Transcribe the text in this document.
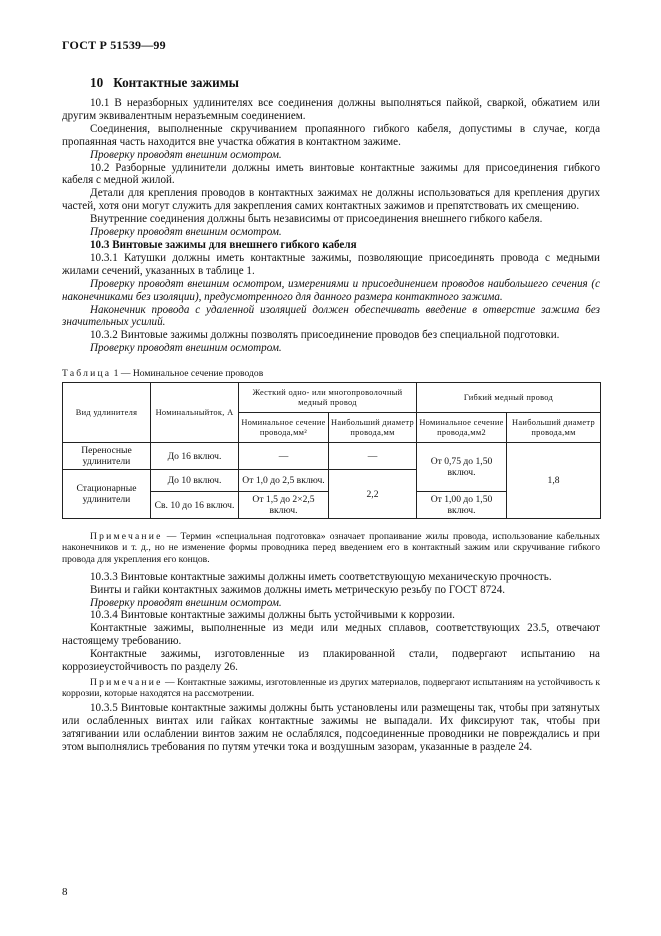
ГОСТ Р 51539—99
10 Контактные зажимы

10.1 В неразборных удлинителях все соединения должны выполняться пайкой, сваркой, обжатием или другим эквивалентным неразъемным соединением.

Соединения, выполненные скручиванием пропаянного гибкого кабеля, допустимы в случае, когда пропаянная часть находится вне участка обжатия в контактном зажиме.

Проверку проводят внешним осмотром.

10.2 Разборные удлинители должны иметь винтовые контактные зажимы для присоединения гибкого кабеля с медной жилой.

Детали для крепления проводов в контактных зажимах не должны использоваться для крепления других частей, хотя они могут служить для закрепления самих контактных зажимов и препятствовать их смещению.

Внутренние соединения должны быть независимы от присоединения внешнего гибкого кабеля.

Проверку проводят внешним осмотром.

10.3 Винтовые зажимы для внешнего гибкого кабеля

10.3.1 Катушки должны иметь контактные зажимы, позволяющие присоединять провода с медными жилами сечений, указанных в таблице 1.

Проверку проводят внешним осмотром, измерениями и присоединением проводов наибольшего сечения (с наконечниками без изоляции), предусмотренного для данного размера контактного зажима.

Наконечник провода с удаленной изоляцией должен обеспечивать введение в отверстие зажима без значительных усилий.

10.3.2 Винтовые зажимы должны позволять присоединение проводов без специальной подготовки.

Проверку проводят внешним осмотром.

Таблица 1 — Номинальное сечение проводов

Вид удлинителя	Номинальныйток, А	Жесткий одно- или многопроволочный медный провод		Гибкий медный провод	
		Номинальное сечение провода,мм²	Наибольший диаметр провода,мм	Номинальное сечение провода,мм2	Наибольший диаметр провода,мм
Переносные удлинители	До 16 включ.	—	—	От 0,75 до 1,50 включ.	1,8
Стационарные удлинители	До 10 включ.	От 1,0 до 2,5 включ.	2,2		
	Св. 10 до 16 включ.	От 1,5 до 2×2,5 включ.		От 1,00 до 1,50 включ.	

Примечание — Термин «специальная подготовка» означает пропаивание жилы провода, использование кабельных наконечников и т. д., но не изменение формы проводника перед введением его в контактный зажим или скручивание гибкого провода для укрепления его концов.

10.3.3 Винтовые контактные зажимы должны иметь соответствующую механическую прочность.

Винты и гайки контактных зажимов должны иметь метрическую резьбу по ГОСТ 8724.

Проверку проводят внешним осмотром.

10.3.4 Винтовые контактные зажимы должны быть устойчивыми к коррозии.

Контактные зажимы, выполненные из меди или медных сплавов, соответствующих 23.5, отвечают настоящему требованию.

Контактные зажимы, изготовленные из плакированной стали, подвергают испытанию на коррозиеустойчивость по разделу 26.

Примечание — Контактные зажимы, изготовленные из других материалов, подвергают испытаниям на устойчивость к коррозии, которые находятся на рассмотрении.

10.3.5 Винтовые контактные зажимы должны быть установлены или размещены так, чтобы при затянутых или ослабленных винтах или гайках контактные зажимы не выпадали. Их фиксируют так, чтобы при затягивании или ослаблении винтов зажим не ослаблялся, подсоединенные проводники не повреждались и при этом выполнялись требования по путям утечки тока и воздушным зазорам, указанные в разделе 24.

8
